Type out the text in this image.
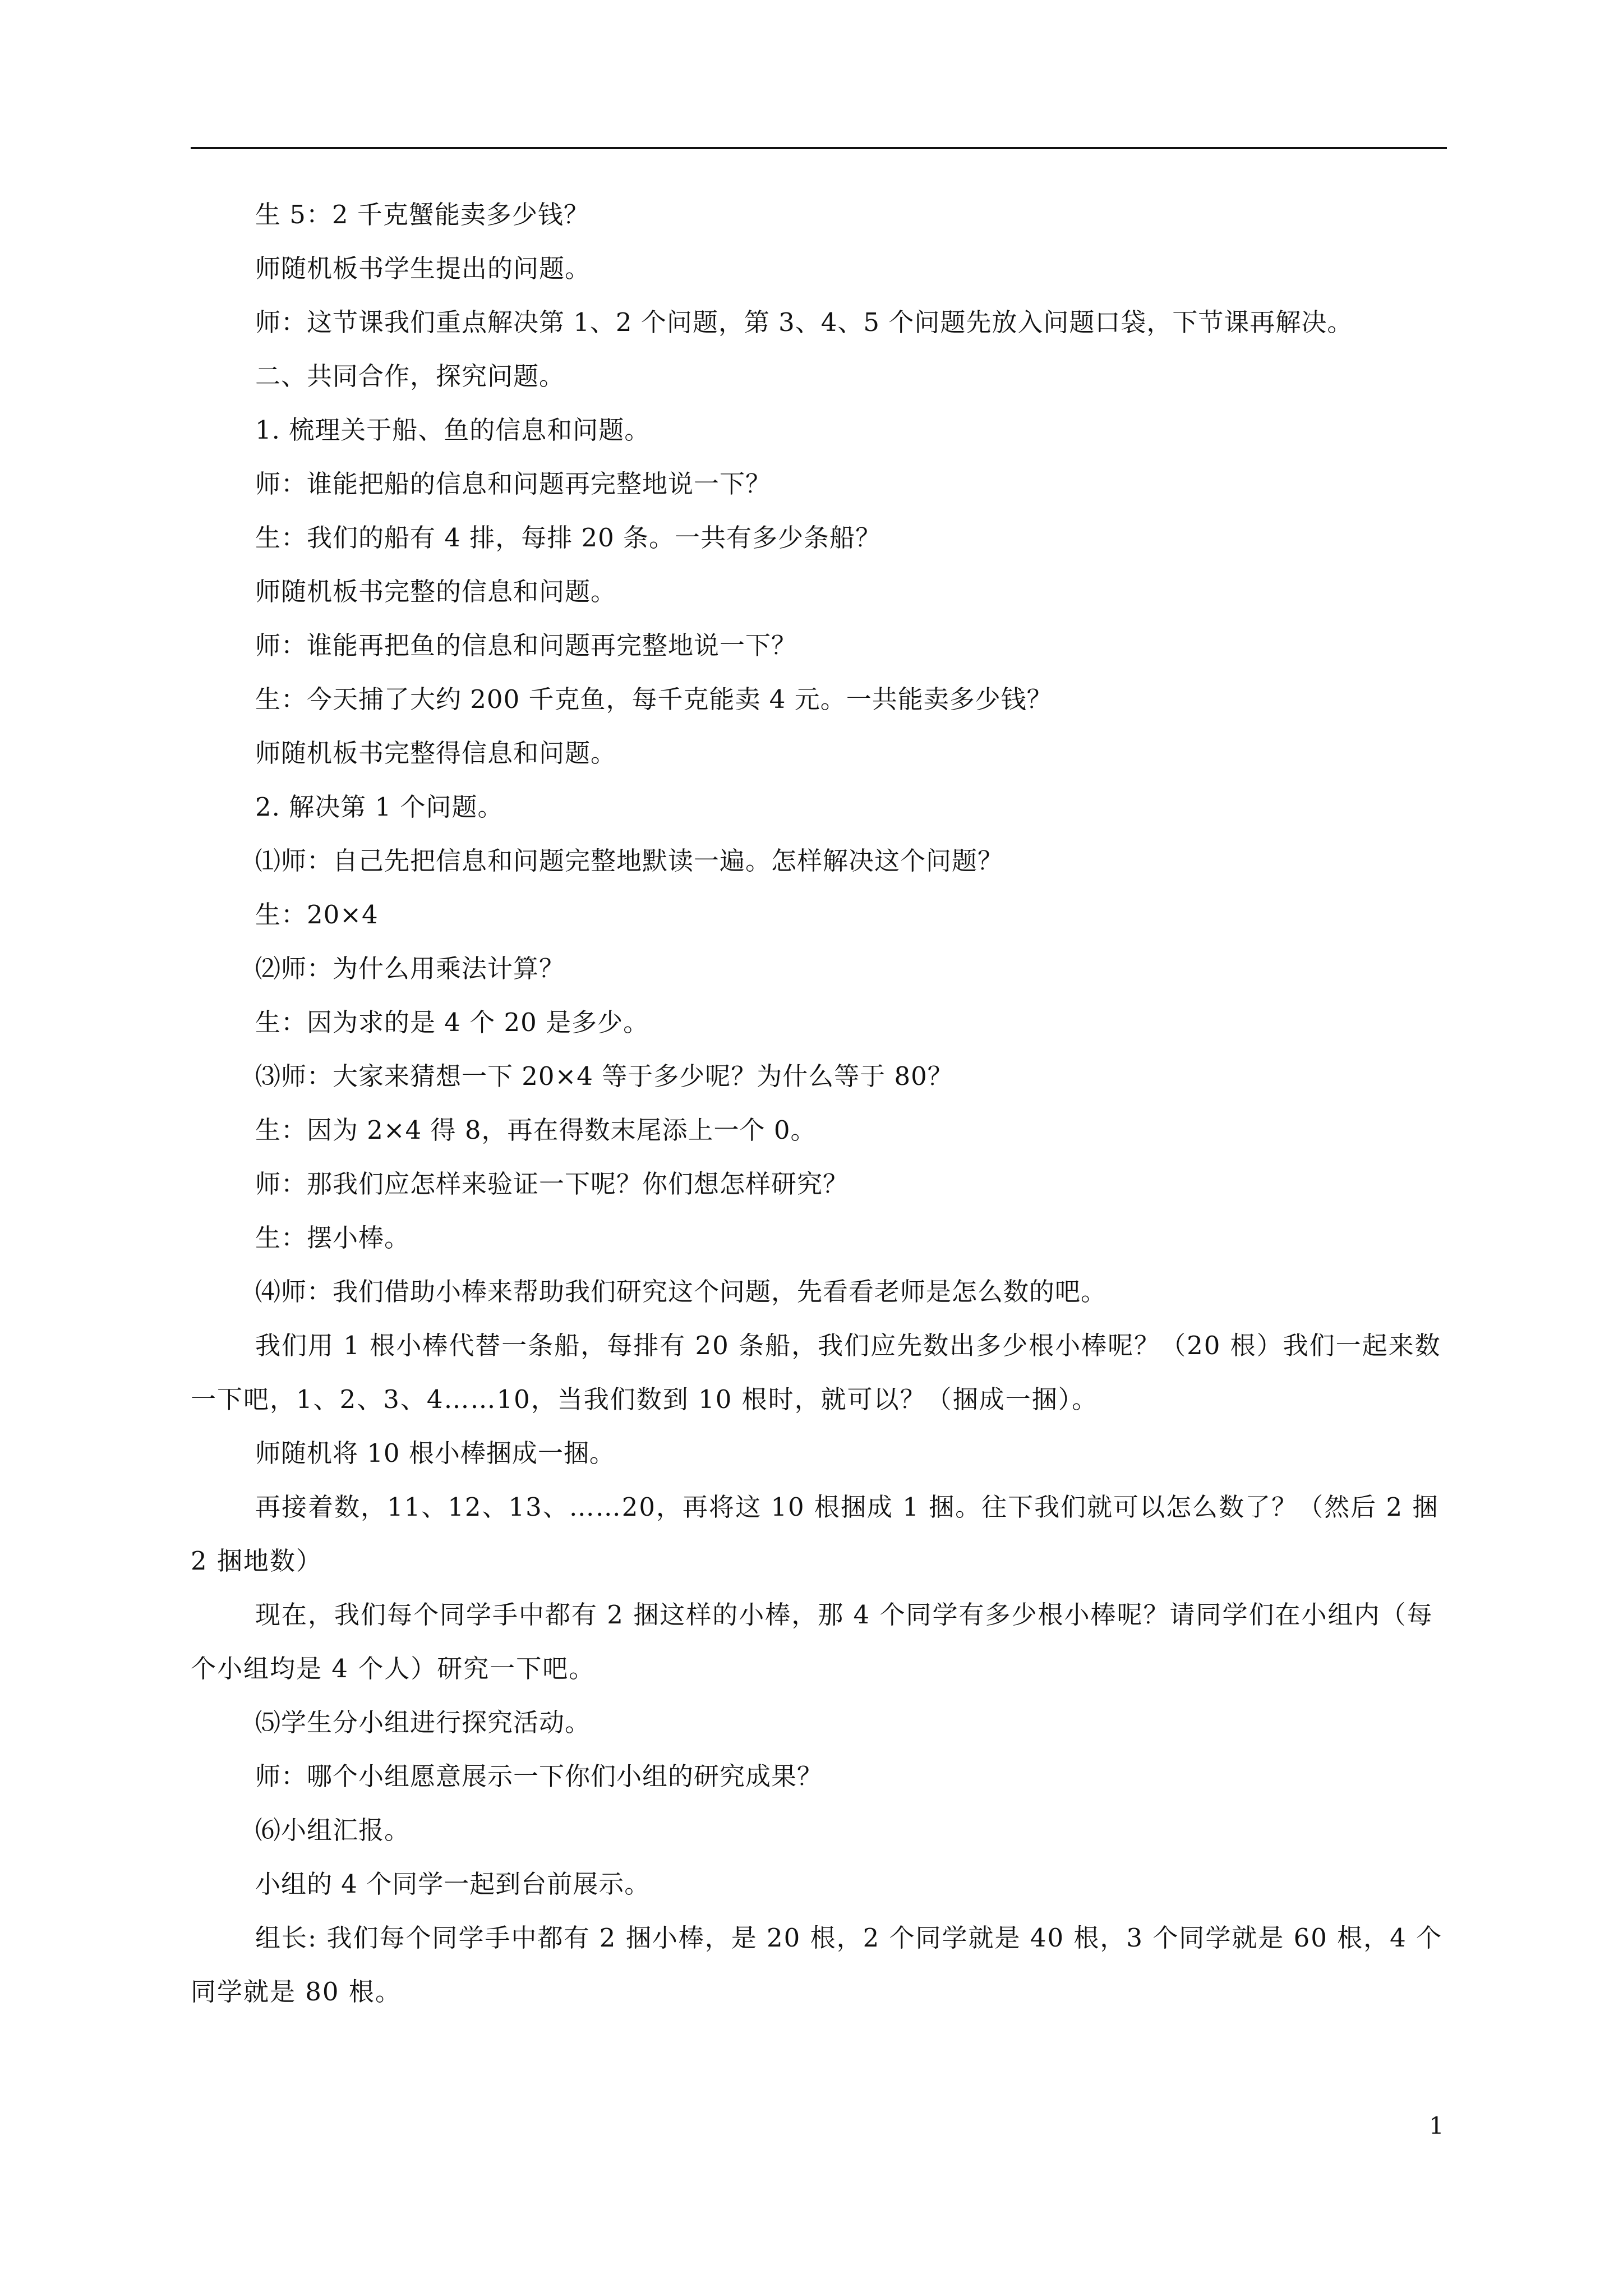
生 5：2 千克蟹能卖多少钱？

师随机板书学生提出的问题。

师：这节课我们重点解决第 1、2 个问题，第 3、4、5 个问题先放入问题口袋，下节课再解决。

二、共同合作，探究问题。

1. 梳理关于船、鱼的信息和问题。

师：谁能把船的信息和问题再完整地说一下？

生：我们的船有 4 排，每排 20 条。一共有多少条船？

师随机板书完整的信息和问题。

师：谁能再把鱼的信息和问题再完整地说一下？

生：今天捕了大约 200 千克鱼，每千克能卖 4 元。一共能卖多少钱？

师随机板书完整得信息和问题。

2. 解决第 1 个问题。

⑴师：自己先把信息和问题完整地默读一遍。怎样解决这个问题？

生：20×4

⑵师：为什么用乘法计算？

生：因为求的是 4 个 20 是多少。

⑶师：大家来猜想一下 20×4 等于多少呢？为什么等于 80？

生：因为 2×4 得 8，再在得数末尾添上一个 0。

师：那我们应怎样来验证一下呢？你们想怎样研究？

生：摆小棒。

⑷师：我们借助小棒来帮助我们研究这个问题，先看看老师是怎么数的吧。

我们用 1 根小棒代替一条船，每排有 20 条船，我们应先数出多少根小棒呢？（20 根）我们一起来数一下吧，1、2、3、4……10，当我们数到 10 根时，就可以？（捆成一捆）。

师随机将 10 根小棒捆成一捆。

再接着数，11、12、13、……20，再将这 10 根捆成 1 捆。往下我们就可以怎么数了？（然后 2 捆 2 捆地数）

现在，我们每个同学手中都有 2 捆这样的小棒，那 4 个同学有多少根小棒呢？请同学们在小组内（每个小组均是 4 个人）研究一下吧。

⑸学生分小组进行探究活动。

师：哪个小组愿意展示一下你们小组的研究成果？

⑹小组汇报。

小组的 4 个同学一起到台前展示。

组长: 我们每个同学手中都有 2 捆小棒，是 20 根，2 个同学就是 40 根，3 个同学就是 60 根，4 个同学就是 80 根。

1
